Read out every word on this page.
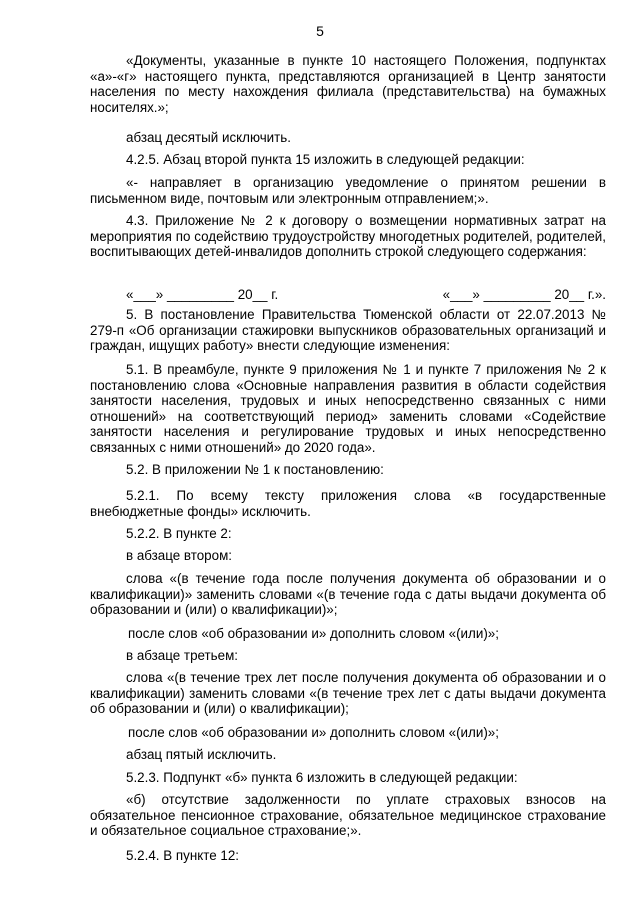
5
«Документы, указанные в пункте 10 настоящего Положения, подпунктах «а»-«г» настоящего пункта, представляются организацией в Центр занятости населения по месту нахождения филиала (представительства) на бумажных носителях.»;
абзац десятый исключить.
4.2.5. Абзац второй пункта 15 изложить в следующей редакции:
«- направляет в организацию уведомление о принятом решении в письменном виде, почтовым или электронным отправлением;».
4.3. Приложение № 2 к договору о возмещении нормативных затрат на мероприятия по содействию трудоустройству многодетных родителей, родителей, воспитывающих детей-инвалидов дополнить строкой следующего содержания:
«___» _________ 20__ г.	«___» _________ 20__ г.».
5. В постановление Правительства Тюменской области от 22.07.2013 № 279-п «Об организации стажировки выпускников образовательных организаций и граждан, ищущих работу» внести следующие изменения:
5.1. В преамбуле, пункте 9 приложения № 1 и пункте 7 приложения № 2 к постановлению слова «Основные направления развития в области содействия занятости населения, трудовых и иных непосредственно связанных с ними отношений» на соответствующий период» заменить словами «Содействие занятости населения и регулирование трудовых и иных непосредственно связанных с ними отношений» до 2020 года».
5.2. В приложении № 1 к постановлению:
5.2.1. По всему тексту приложения слова «в государственные внебюджетные фонды» исключить.
5.2.2. В пункте 2:
в абзаце втором:
слова «(в течение года после получения документа об образовании и о квалификации)» заменить словами «(в течение года с даты выдачи документа об образовании и (или) о квалификации)»;
после слов «об образовании и» дополнить словом «(или)»;
в абзаце третьем:
слова «(в течение трех лет после получения документа об образовании и о квалификации) заменить словами «(в течение трех лет с даты выдачи документа об образовании и (или) о квалификации);
после слов «об образовании и» дополнить словом «(или)»;
абзац пятый исключить.
5.2.3. Подпункт «б» пункта 6 изложить в следующей редакции:
«б) отсутствие задолженности по уплате страховых взносов на обязательное пенсионное страхование, обязательное медицинское страхование и обязательное социальное страхование;».
5.2.4. В пункте 12:
